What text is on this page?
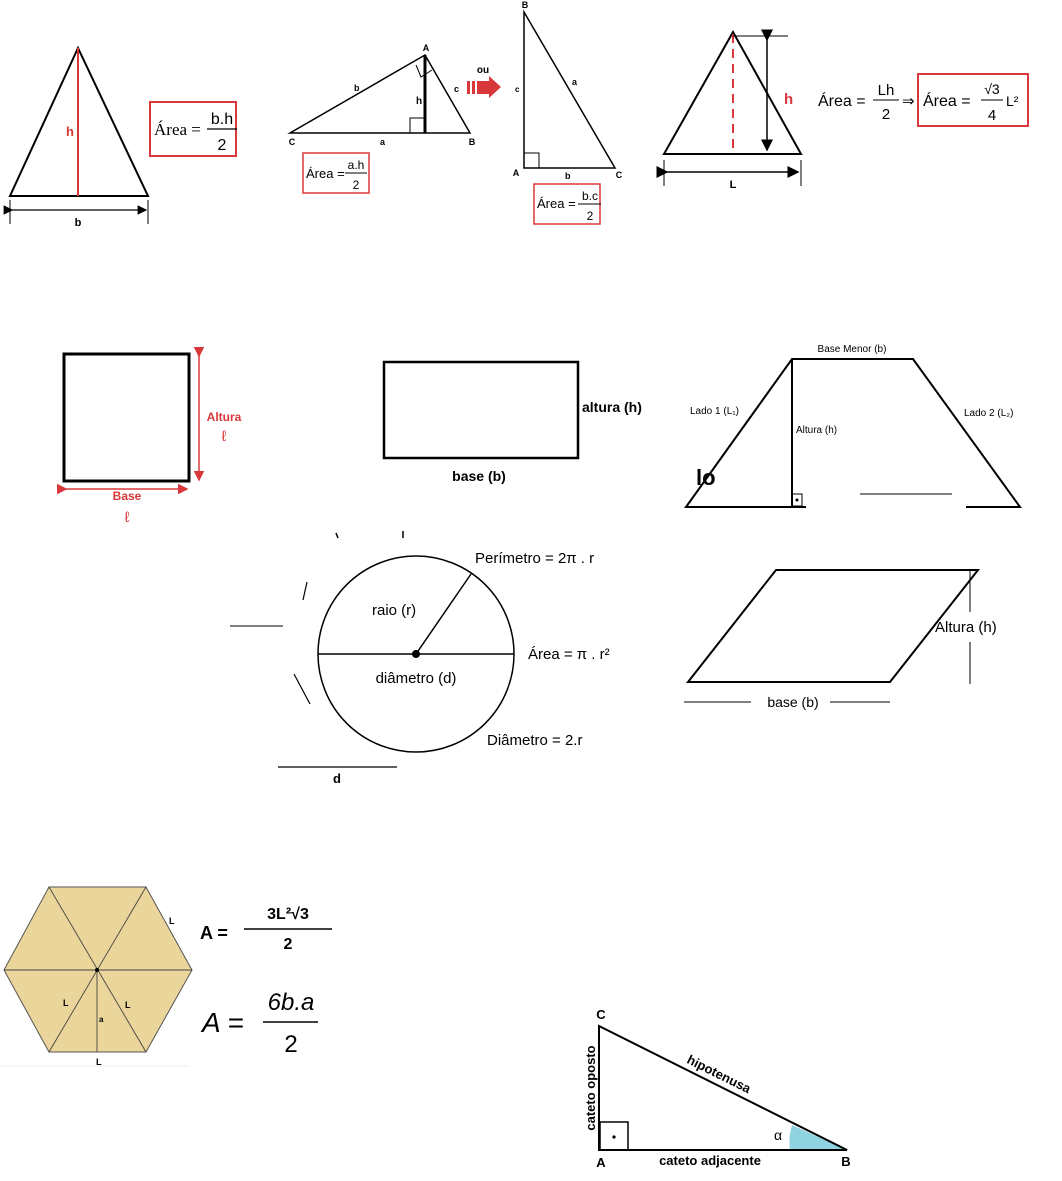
h
b
Área =
b.h
2
A
C	B
b	c
a
h
Área =
a.h
2
ou
B
A	C
a
c
b
Área = b.c
2
h
L
Área =
Lh
2
⇒ Área =
√3
4
L²
Altura
ℓ
Base
ℓ
altura (h)
base (b)
Base Menor (b)
Lado 1 (L₁)	Lado 2 (L₂)
Altura (h)
lo
Perímetro = 2π . r
raio (r)
Área = π . r²
diâmetro (d)
Diâmetro = 2.r
d
Altura (h)
base (b)
L
L	L
L
a
A =
3L²√3
2
A =
6b.a
2
C
A	B
cateto oposto	hipotenusa
cateto adjacente
α
